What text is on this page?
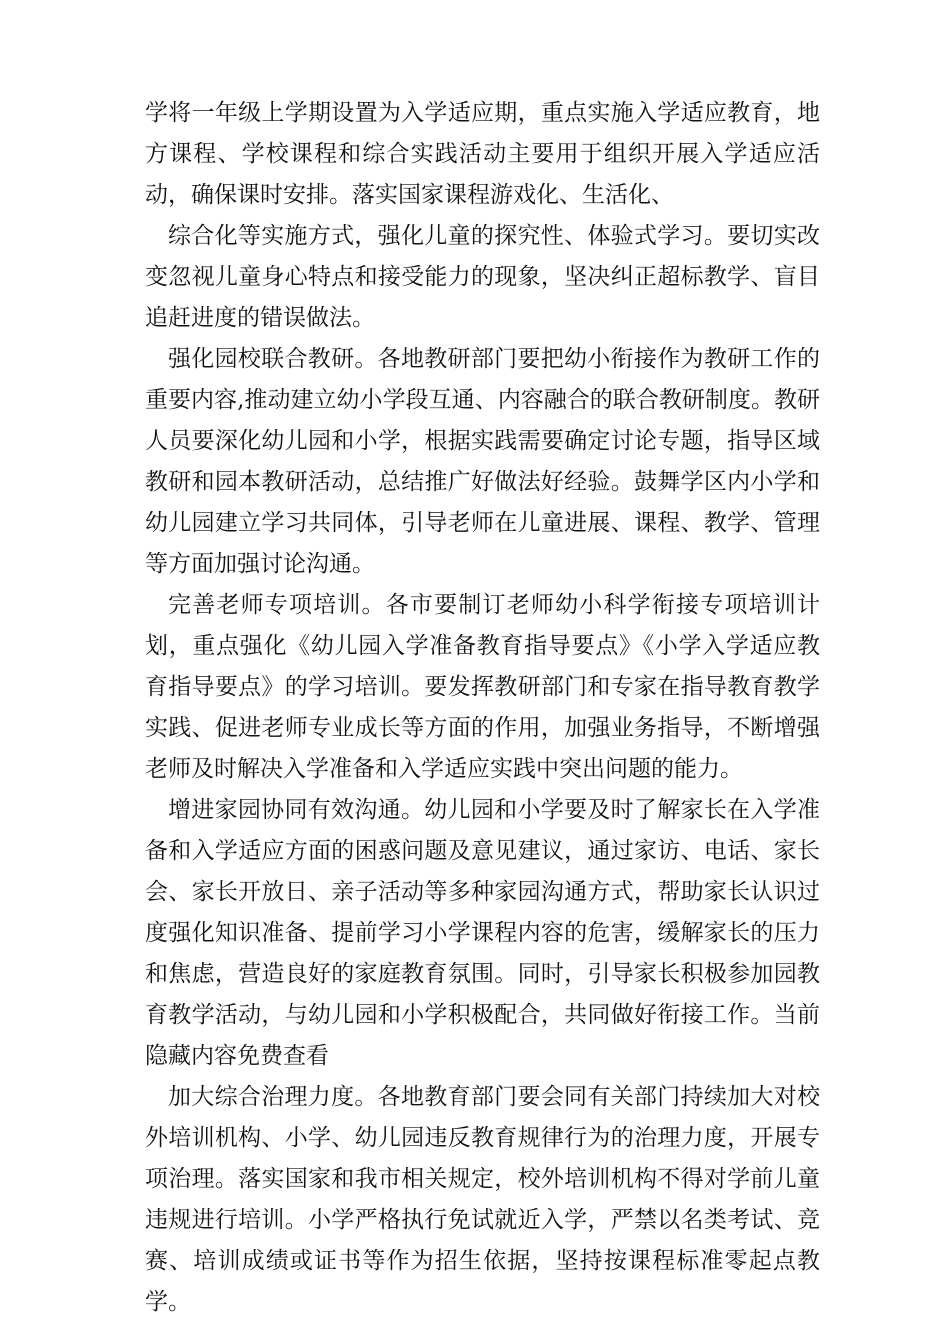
学将一年级上学期设置为入学适应期，重点实施入学适应教育，地方课程、学校课程和综合实践活动主要用于组织开展入学适应活动，确保课时安排。落实国家课程游戏化、生活化、

综合化等实施方式，强化儿童的探究性、体验式学习。要切实改变忽视儿童身心特点和接受能力的现象，坚决纠正超标教学、盲目追赶进度的错误做法。

强化园校联合教研。各地教研部门要把幼小衔接作为教研工作的重要内容,推动建立幼小学段互通、内容融合的联合教研制度。教研人员要深化幼儿园和小学，根据实践需要确定讨论专题，指导区域教研和园本教研活动，总结推广好做法好经验。鼓舞学区内小学和幼儿园建立学习共同体，引导老师在儿童进展、课程、教学、管理等方面加强讨论沟通。

完善老师专项培训。各市要制订老师幼小科学衔接专项培训计划，重点强化《幼儿园入学准备教育指导要点》《小学入学适应教育指导要点》的学习培训。要发挥教研部门和专家在指导教育教学实践、促进老师专业成长等方面的作用，加强业务指导，不断增强老师及时解决入学准备和入学适应实践中突出问题的能力。

增进家园协同有效沟通。幼儿园和小学要及时了解家长在入学准备和入学适应方面的困惑问题及意见建议，通过家访、电话、家长会、家长开放日、亲子活动等多种家园沟通方式，帮助家长认识过度强化知识准备、提前学习小学课程内容的危害，缓解家长的压力和焦虑，营造良好的家庭教育氛围。同时，引导家长积极参加园教育教学活动，与幼儿园和小学积极配合，共同做好衔接工作。当前隐藏内容免费查看

加大综合治理力度。各地教育部门要会同有关部门持续加大对校外培训机构、小学、幼儿园违反教育规律行为的治理力度，开展专项治理。落实国家和我市相关规定，校外培训机构不得对学前儿童违规进行培训。小学严格执行免试就近入学，严禁以名类考试、竞赛、培训成绩或证书等作为招生依据，坚持按课程标准零起点教学。
